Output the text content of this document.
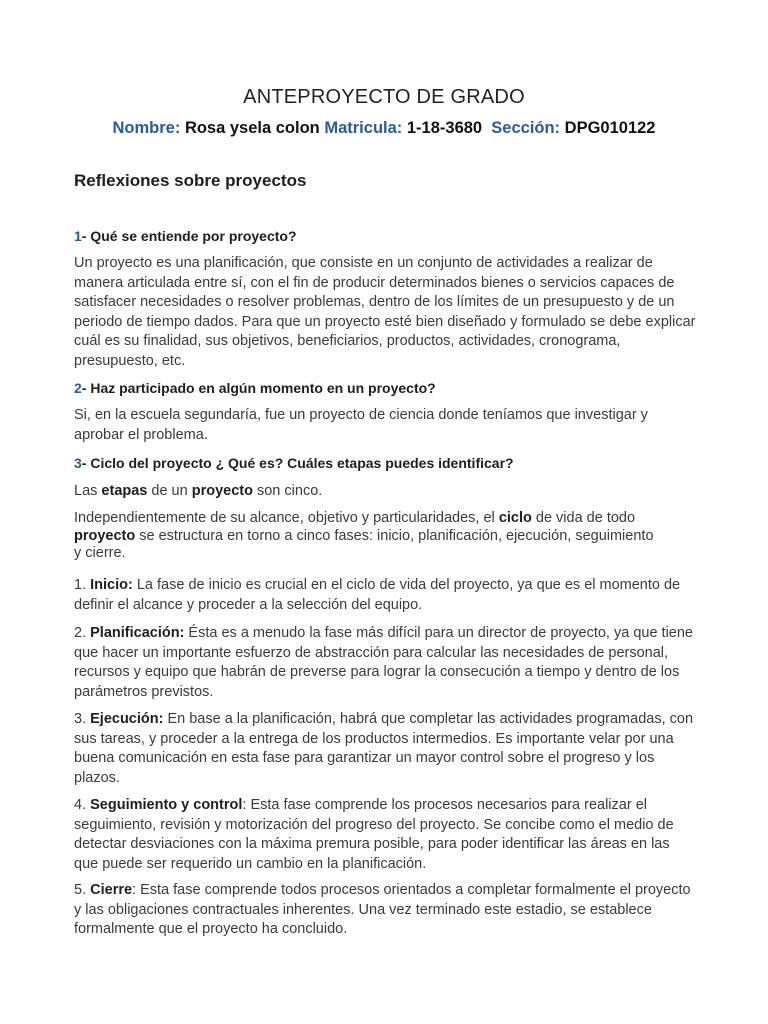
ANTEPROYECTO DE GRADO
Nombre: Rosa ysela colon Matricula: 1-18-3680 Sección: DPG010122
Reflexiones sobre proyectos
1- Qué se entiende por proyecto?
Un proyecto es una planificación, que consiste en un conjunto de actividades a realizar de manera articulada entre sí, con el fin de producir determinados bienes o servicios capaces de satisfacer necesidades o resolver problemas, dentro de los límites de un presupuesto y de un periodo de tiempo dados. Para que un proyecto esté bien diseñado y formulado se debe explicar cuál es su finalidad, sus objetivos, beneficiarios, productos, actividades, cronograma, presupuesto, etc.
2- Haz participado en algún momento en un proyecto?
Si, en la escuela segundaría, fue un proyecto de ciencia donde teníamos que investigar y aprobar el problema.
3- Ciclo del proyecto ¿ Qué es? Cuáles etapas puedes identificar?
Las etapas de un proyecto son cinco.
Independientemente de su alcance, objetivo y particularidades, el ciclo de vida de todo proyecto se estructura en torno a cinco fases: inicio, planificación, ejecución, seguimiento y cierre.
1. Inicio: La fase de inicio es crucial en el ciclo de vida del proyecto, ya que es el momento de definir el alcance y proceder a la selección del equipo.
2. Planificación: Ésta es a menudo la fase más difícil para un director de proyecto, ya que tiene que hacer un importante esfuerzo de abstracción para calcular las necesidades de personal, recursos y equipo que habrán de preverse para lograr la consecución a tiempo y dentro de los parámetros previstos.
3. Ejecución: En base a la planificación, habrá que completar las actividades programadas, con sus tareas, y proceder a la entrega de los productos intermedios. Es importante velar por una buena comunicación en esta fase para garantizar un mayor control sobre el progreso y los plazos.
4. Seguimiento y control: Esta fase comprende los procesos necesarios para realizar el seguimiento, revisión y motorización del progreso del proyecto. Se concibe como el medio de detectar desviaciones con la máxima premura posible, para poder identificar las áreas en las que puede ser requerido un cambio en la planificación.
5. Cierre: Esta fase comprende todos procesos orientados a completar formalmente el proyecto y las obligaciones contractuales inherentes. Una vez terminado este estadio, se establece formalmente que el proyecto ha concluido.
